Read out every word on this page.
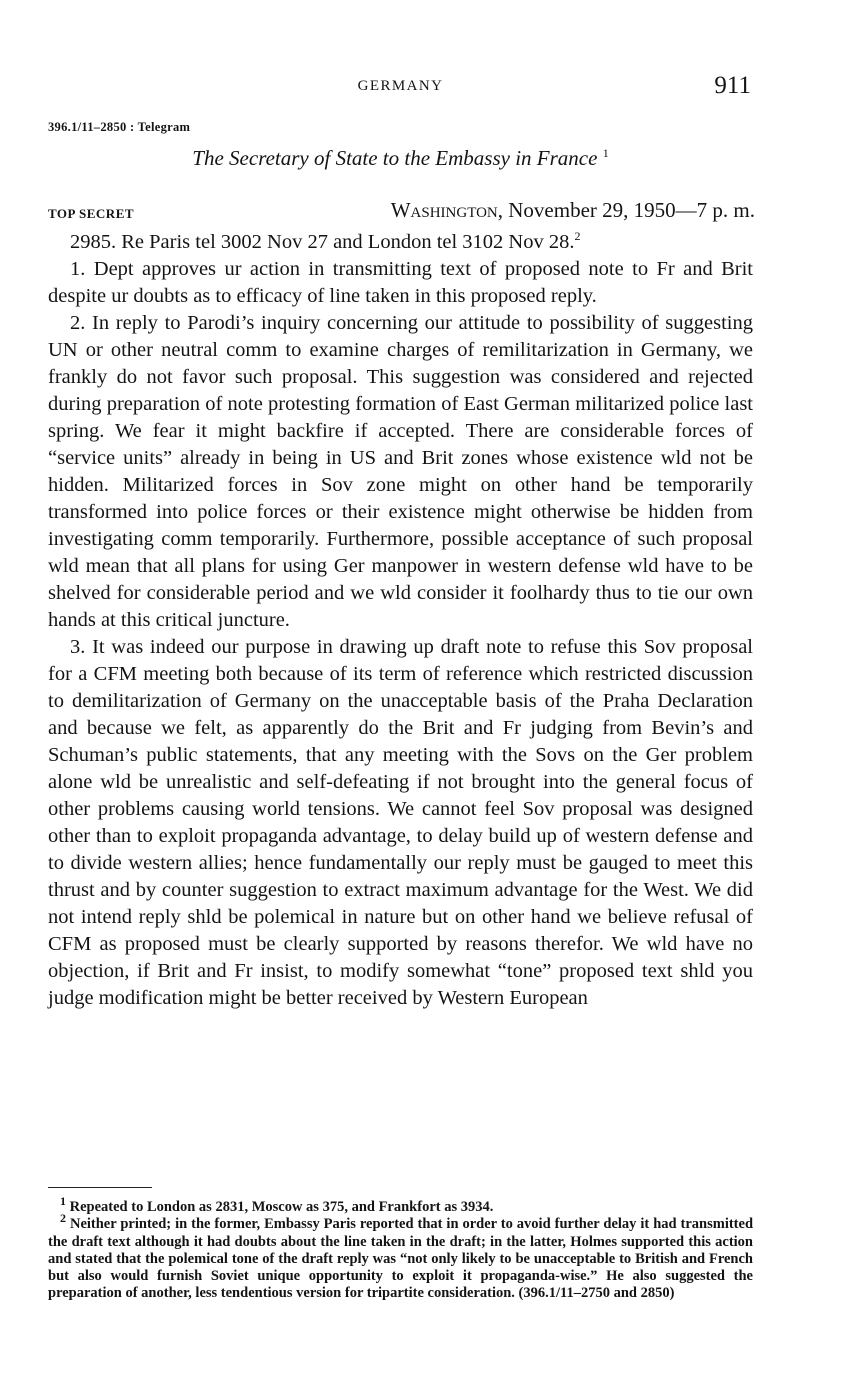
GERMANY	911
396.1/11–2850 : Telegram
The Secretary of State to the Embassy in France $^1$
TOP SECRET	Washington, November 29, 1950—7 p. m.

2985. Re Paris tel 3002 Nov 27 and London tel 3102 Nov 28.$^2$

1. Dept approves ur action in transmitting text of proposed note to Fr and Brit despite ur doubts as to efficacy of line taken in this proposed reply.

2. In reply to Parodi’s inquiry concerning our attitude to possibility of suggesting UN or other neutral comm to examine charges of remilitarization in Germany, we frankly do not favor such proposal. This suggestion was considered and rejected during preparation of note protesting formation of East German militarized police last spring. We fear it might backfire if accepted. There are considerable forces of “service units” already in being in US and Brit zones whose existence wld not be hidden. Militarized forces in Sov zone might on other hand be temporarily transformed into police forces or their existence might otherwise be hidden from investigating comm temporarily. Furthermore, possible acceptance of such proposal wld mean that all plans for using Ger manpower in western defense wld have to be shelved for considerable period and we wld consider it foolhardy thus to tie our own hands at this critical juncture.

3. It was indeed our purpose in drawing up draft note to refuse this Sov proposal for a CFM meeting both because of its term of reference which restricted discussion to demilitarization of Germany on the unacceptable basis of the Praha Declaration and because we felt, as apparently do the Brit and Fr judging from Bevin’s and Schuman’s public statements, that any meeting with the Sovs on the Ger problem alone wld be unrealistic and self-defeating if not brought into the general focus of other problems causing world tensions. We cannot feel Sov proposal was designed other than to exploit propaganda advantage, to delay build up of western defense and to divide western allies; hence fundamentally our reply must be gauged to meet this thrust and by counter suggestion to extract maximum advantage for the West. We did not intend reply shld be polemical in nature but on other hand we believe refusal of CFM as proposed must be clearly supported by reasons therefor. We wld have no objection, if Brit and Fr insist, to modify somewhat “tone” proposed text shld you judge modification might be better received by Western European

$^1$ Repeated to London as 2831, Moscow as 375, and Frankfort as 3934.

$^2$ Neither printed; in the former, Embassy Paris reported that in order to avoid further delay it had transmitted the draft text although it had doubts about the line taken in the draft; in the latter, Holmes supported this action and stated that the polemical tone of the draft reply was “not only likely to be unacceptable to British and French but also would furnish Soviet unique opportunity to exploit it propaganda-wise.” He also suggested the preparation of another, less tendentious version for tripartite consideration. (396.1/11–2750 and 2850)
